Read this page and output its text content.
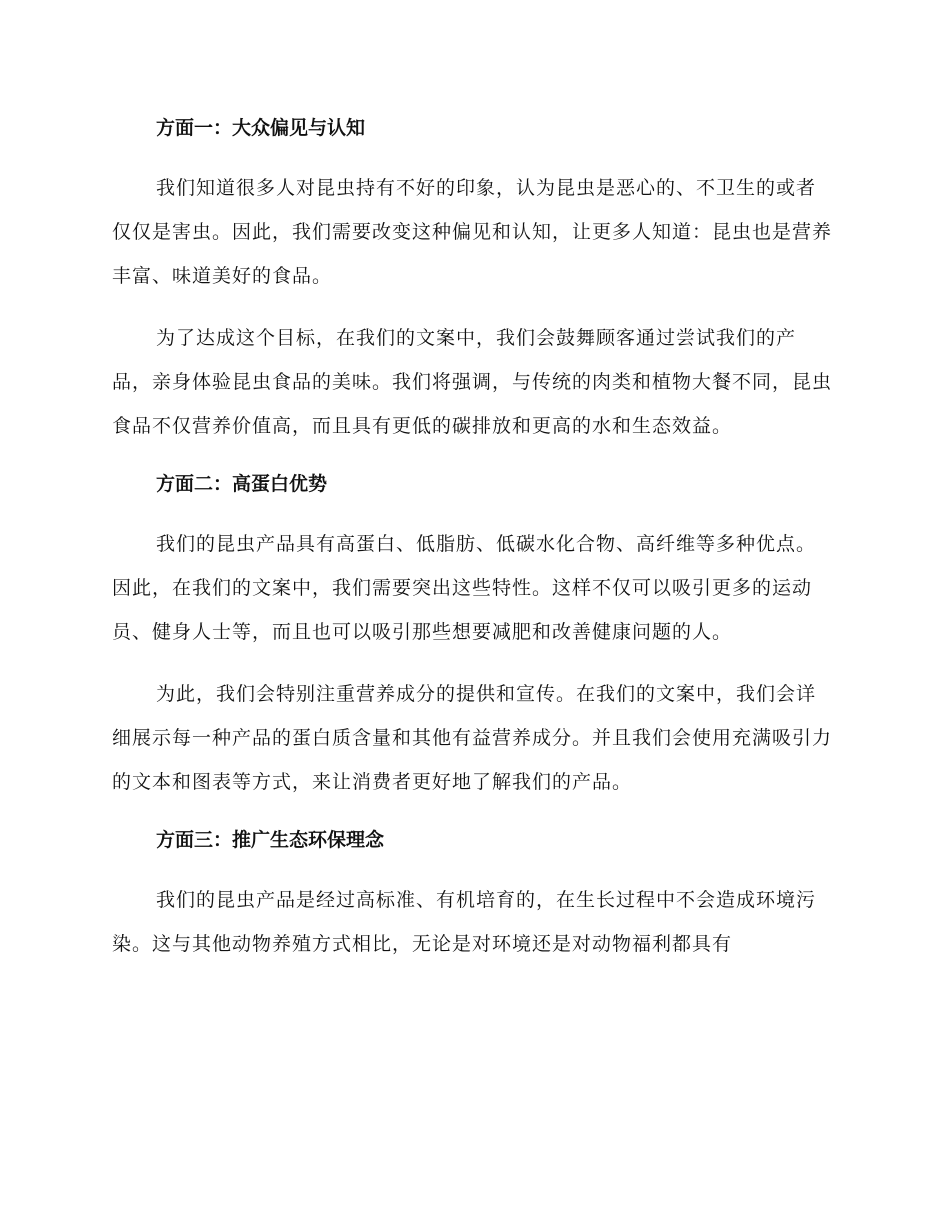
方面一：大众偏见与认知

我们知道很多人对昆虫持有不好的印象，认为昆虫是恶心的、不卫生的或者仅仅是害虫。因此，我们需要改变这种偏见和认知，让更多人知道：昆虫也是营养丰富、味道美好的食品。

为了达成这个目标，在我们的文案中，我们会鼓舞顾客通过尝试我们的产品，亲身体验昆虫食品的美味。我们将强调，与传统的肉类和植物大餐不同，昆虫食品不仅营养价值高，而且具有更低的碳排放和更高的水和生态效益。

方面二：高蛋白优势

我们的昆虫产品具有高蛋白、低脂肪、低碳水化合物、高纤维等多种优点。因此，在我们的文案中，我们需要突出这些特性。这样不仅可以吸引更多的运动员、健身人士等，而且也可以吸引那些想要减肥和改善健康问题的人。

为此，我们会特别注重营养成分的提供和宣传。在我们的文案中，我们会详细展示每一种产品的蛋白质含量和其他有益营养成分。并且我们会使用充满吸引力的文本和图表等方式，来让消费者更好地了解我们的产品。

方面三：推广生态环保理念

我们的昆虫产品是经过高标准、有机培育的，在生长过程中不会造成环境污染。这与其他动物养殖方式相比，无论是对环境还是对动物福利都具有
